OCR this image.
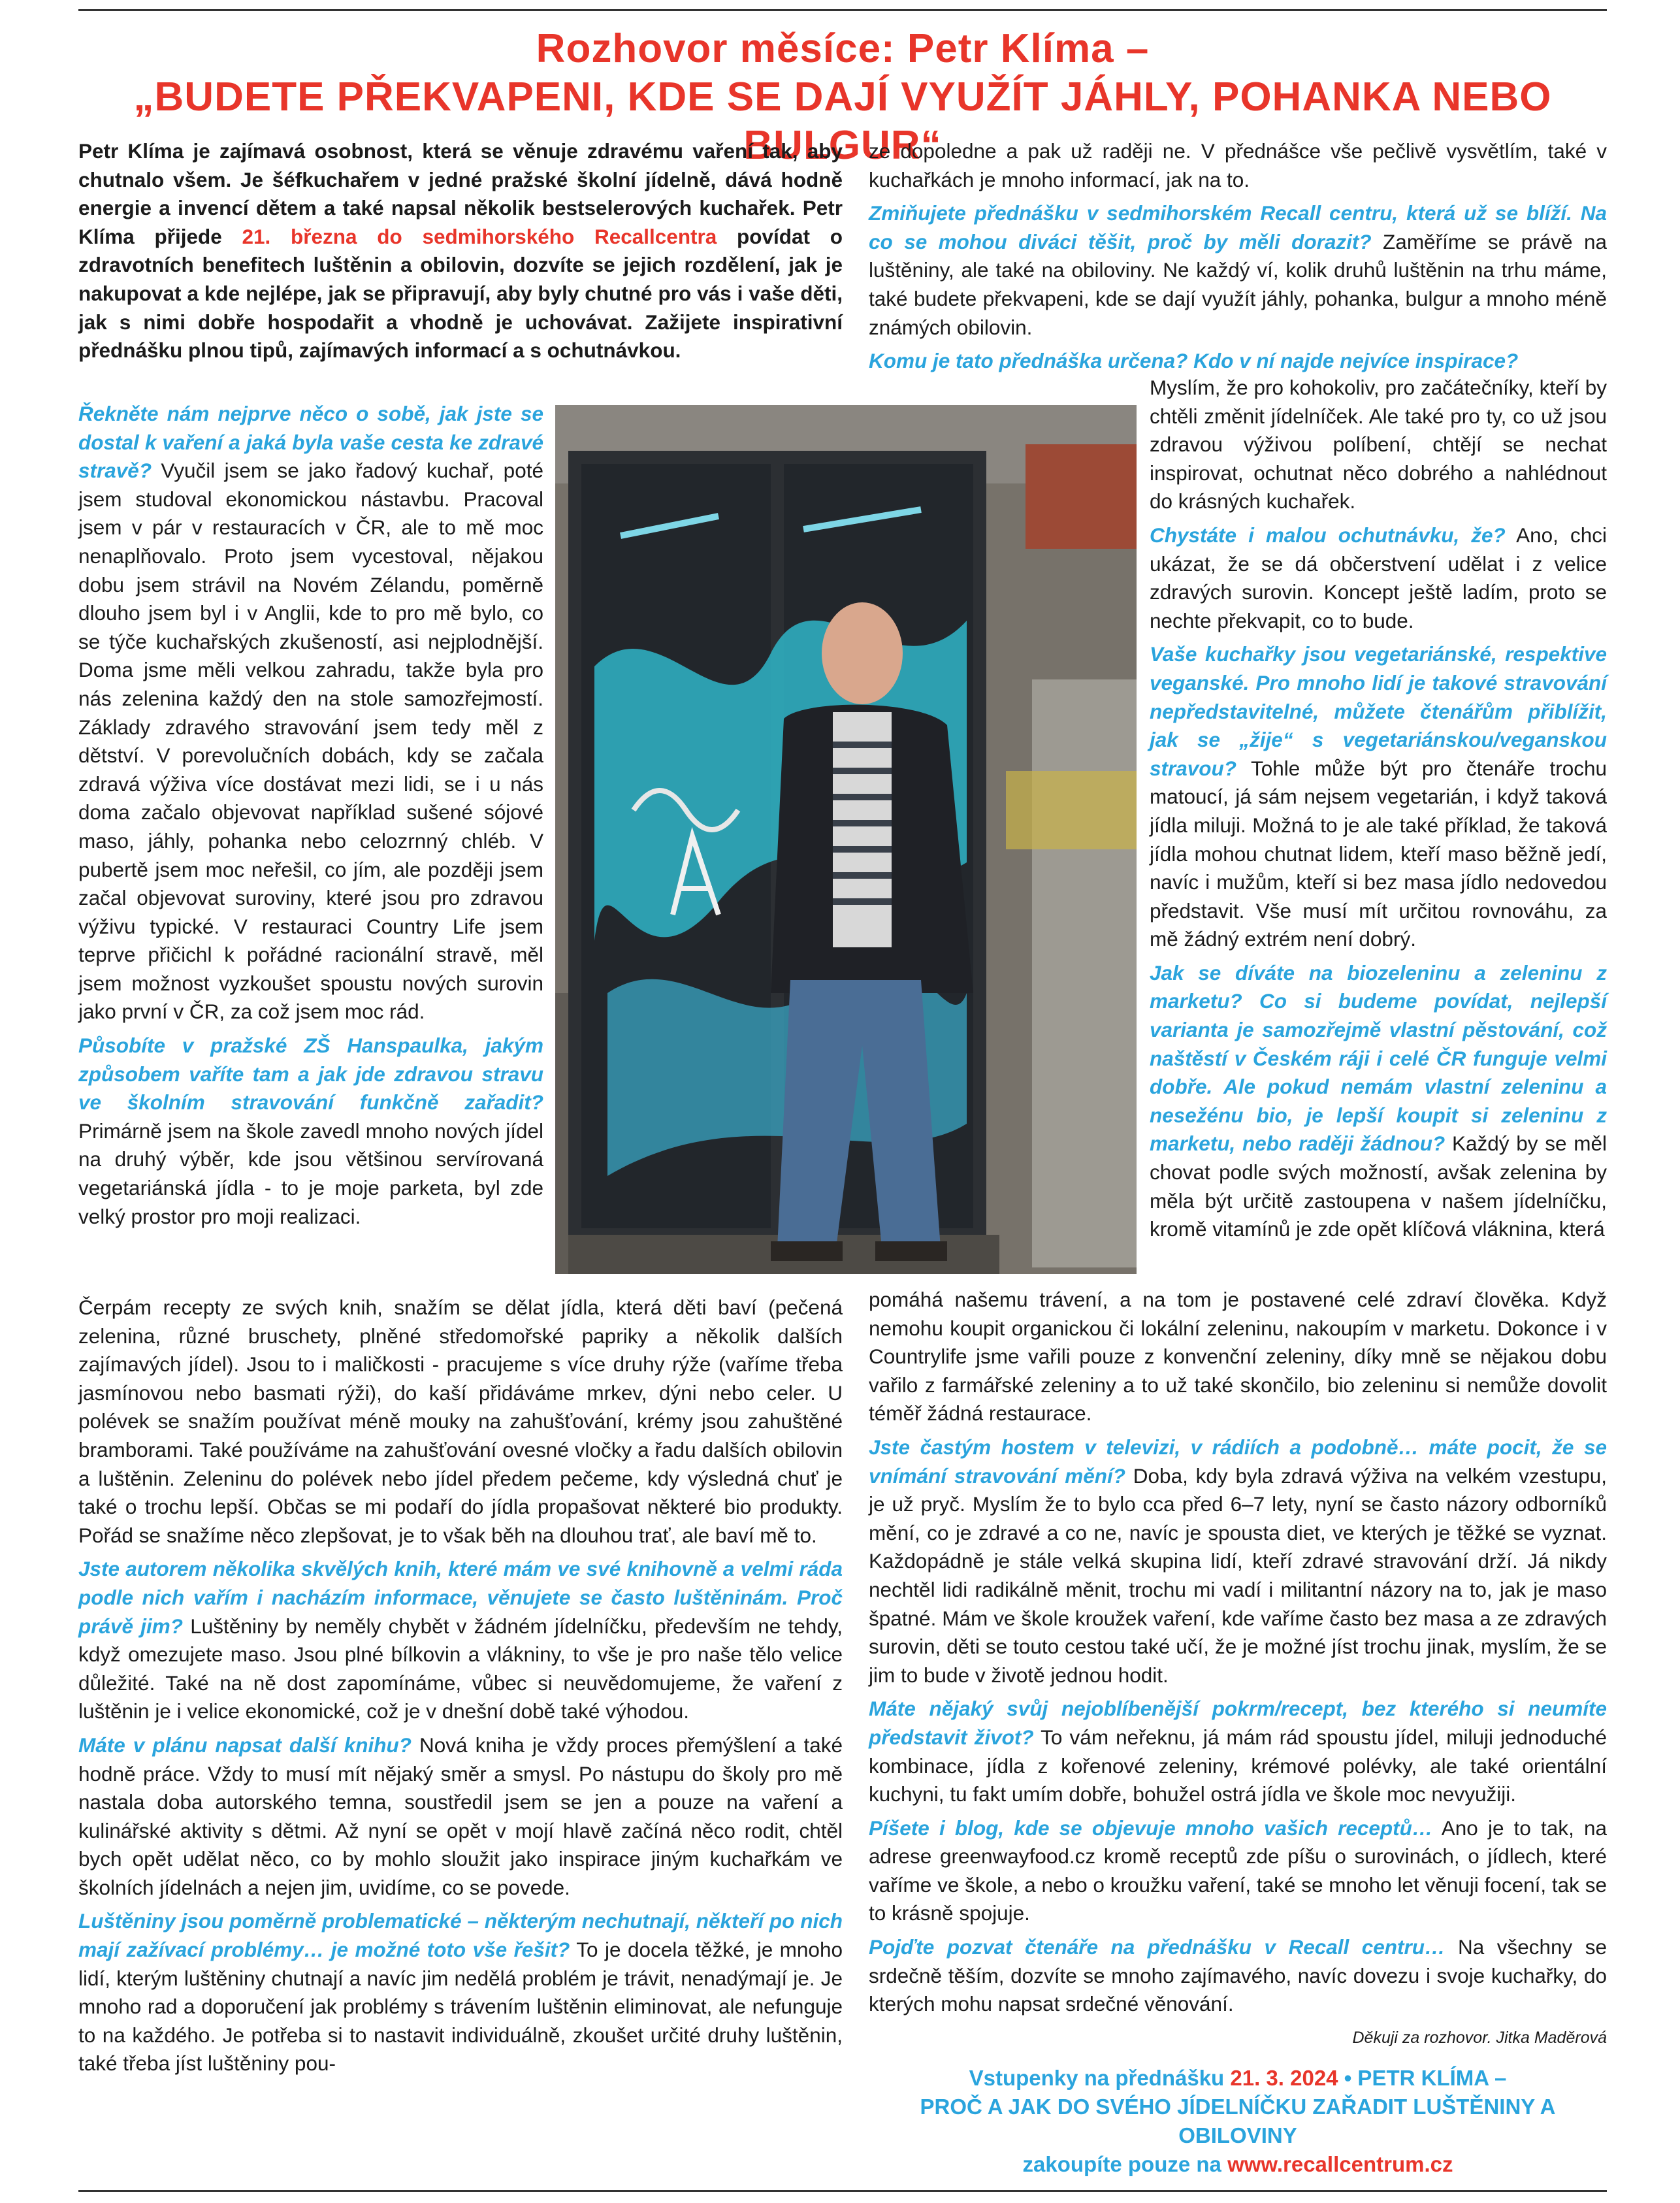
Rozhovor měsíce: Petr Klíma –
„BUDETE PŘEKVAPENI, KDE SE DAJÍ VYUŽÍT JÁHLY, POHANKA NEBO BULGUR“

Petr Klíma je zajímavá osobnost, která se věnuje zdravému vaření tak, aby chutnalo všem. Je šéfkuchařem v jedné pražské školní jídelně, dává hodně energie a invencí dětem a také napsal několik bestselerových kuchařek. Petr Klíma přijede 21. března do sedmihorského Recallcentra povídat o zdravotních benefitech luštěnin a obilovin, dozvíte se jejich rozdělení, jak je nakupovat a kde nejlépe, jak se připravují, aby byly chutné pro vás i vaše děti, jak s nimi dobře hospodařit a vhodně je uchovávat. Zažijete inspirativní přednášku plnou tipů, zajímavých informací a s ochutnávkou.

Řekněte nám nejprve něco o sobě, jak jste se dostal k vaření a jaká byla vaše cesta ke zdravé stravě? Vyučil jsem se jako řadový kuchař, poté jsem studoval ekonomickou nástavbu. Pracoval jsem v pár v restauracích v ČR, ale to mě moc nenaplňovalo. Proto jsem vycestoval, nějakou dobu jsem strávil na Novém Zélandu, poměrně dlouho jsem byl i v Anglii, kde to pro mě bylo, co se týče kuchařských zkušeností, asi nejplodnější. Doma jsme měli velkou zahradu, takže byla pro nás zelenina každý den na stole samozřejmostí. Základy zdravého stravování jsem tedy měl z dětství. V porevolučních dobách, kdy se začala zdravá výživa více dostávat mezi lidi, se i u nás doma začalo objevovat například sušené sójové maso, jáhly, pohanka nebo celozrnný chléb. V pubertě jsem moc neřešil, co jím, ale později jsem začal objevovat suroviny, které jsou pro zdravou výživu typické. V restauraci Country Life jsem teprve přičichl k pořádné racionální stravě, měl jsem možnost vyzkoušet spoustu nových surovin jako první v ČR, za což jsem moc rád.

Působíte v pražské ZŠ Hanspaulka, jakým způsobem vaříte tam a jak jde zdravou stravu ve školním stravování funkčně zařadit? Primárně jsem na škole zavedl mnoho nových jídel na druhý výběr, kde jsou většinou servírovaná vegetariánská jídla - to je moje parketa, byl zde velký prostor pro moji realizaci.

Čerpám recepty ze svých knih, snažím se dělat jídla, která děti baví (pečená zelenina, různé bruschety, plněné středomořské papriky a několik dalších zajímavých jídel). Jsou to i maličkosti - pracujeme s více druhy rýže (vaříme třeba jasmínovou nebo basmati rýži), do kaší přidáváme mrkev, dýni nebo celer. U polévek se snažím používat méně mouky na zahušťování, krémy jsou zahuštěné bramborami. Také používáme na zahušťování ovesné vločky a řadu dalších obilovin a luštěnin. Zeleninu do polévek nebo jídel předem pečeme, kdy výsledná chuť je také o trochu lepší. Občas se mi podaří do jídla propašovat některé bio produkty. Pořád se snažíme něco zlepšovat, je to však běh na dlouhou trať, ale baví mě to.

Jste autorem několika skvělých knih, které mám ve své knihovně a velmi ráda podle nich vařím i nacházím informace, věnujete se často luštěninám. Proč právě jim? Luštěniny by neměly chybět v žádném jídelníčku, především ne tehdy, když omezujete maso. Jsou plné bílkovin a vlákniny, to vše je pro naše tělo velice důležité. Také na ně dost zapomínáme, vůbec si neuvědomujeme, že vaření z luštěnin je i velice ekonomické, což je v dnešní době také výhodou.

Máte v plánu napsat další knihu? Nová kniha je vždy proces přemýšlení a také hodně práce. Vždy to musí mít nějaký směr a smysl. Po nástupu do školy pro mě nastala doba autorského temna, soustředil jsem se jen a pouze na vaření a kulinářské aktivity s dětmi. Až nyní se opět v mojí hlavě začíná něco rodit, chtěl bych opět udělat něco, co by mohlo sloužit jako inspirace jiným kuchařkám ve školních jídelnách a nejen jim, uvidíme, co se povede.

Luštěniny jsou poměrně problematické – některým nechutnají, někteří po nich mají zažívací problémy… je možné toto vše řešit? To je docela těžké, je mnoho lidí, kterým luštěniny chutnají a navíc jim nedělá problém je trávit, nenadýmají je. Je mnoho rad a doporučení jak problémy s trávením luštěnin eliminovat, ale nefunguje to na každého. Je potřeba si to nastavit individuálně, zkoušet určité druhy luštěnin, také třeba jíst luštěniny pou-

ze dopoledne a pak už raději ne. V přednášce vše pečlivě vysvětlím, také v kuchařkách je mnoho informací, jak na to.

Zmiňujete přednášku v sedmihorském Recall centru, která už se blíží. Na co se mohou diváci těšit, proč by měli dorazit? Zaměříme se právě na luštěniny, ale také na obiloviny. Ne každý ví, kolik druhů luštěnin na trhu máme, také budete překvapeni, kde se dají využít jáhly, pohanka, bulgur a mnoho méně známých obilovin.

Komu je tato přednáška určena? Kdo v ní najde nejvíce inspirace?

Myslím, že pro kohokoliv, pro začátečníky, kteří by chtěli změnit jídelníček. Ale také pro ty, co už jsou zdravou výživou políbení, chtějí se nechat inspirovat, ochutnat něco dobrého a nahlédnout do krásných kuchařek.

Chystáte i malou ochutnávku, že? Ano, chci ukázat, že se dá občerstvení udělat i z velice zdravých surovin. Koncept ještě ladím, proto se nechte překvapit, co to bude.

Vaše kuchařky jsou vegetariánské, respektive veganské. Pro mnoho lidí je takové stravování nepředstavitelné, můžete čtenářům přiblížit, jak se „žije“ s vegetariánskou/veganskou stravou? Tohle může být pro čtenáře trochu matoucí, já sám nejsem vegetarián, i když taková jídla miluji. Možná to je ale také příklad, že taková jídla mohou chutnat lidem, kteří maso běžně jedí, navíc i mužům, kteří si bez masa jídlo nedovedou představit. Vše musí mít určitou rovnováhu, za mě žádný extrém není dobrý.

Jak se díváte na biozeleninu a zeleninu z marketu? Co si budeme povídat, nejlepší varianta je samozřejmě vlastní pěstování, což naštěstí v Českém ráji i celé ČR funguje velmi dobře. Ale pokud nemám vlastní zeleninu a nesežénu bio, je lepší koupit si zeleninu z marketu, nebo raději žádnou? Každý by se měl chovat podle svých možností, avšak zelenina by měla být určitě zastoupena v našem jídelníčku, kromě vitamínů je zde opět klíčová vláknina, která

pomáhá našemu trávení, a na tom je postavené celé zdraví člověka. Když nemohu koupit organickou či lokální zeleninu, nakoupím v marketu. Dokonce i v Countrylife jsme vařili pouze z konvenční zeleniny, díky mně se nějakou dobu vařilo z farmářské zeleniny a to už také skončilo, bio zeleninu si nemůže dovolit téměř žádná restaurace.

Jste častým hostem v televizi, v rádiích a podobně… máte pocit, že se vnímání stravování mění? Doba, kdy byla zdravá výživa na velkém vzestupu, je už pryč. Myslím že to bylo cca před 6–7 lety, nyní se často názory odborníků mění, co je zdravé a co ne, navíc je spousta diet, ve kterých je těžké se vyznat. Každopádně je stále velká skupina lidí, kteří zdravé stravování drží. Já nikdy nechtěl lidi radikálně měnit, trochu mi vadí i militantní názory na to, jak je maso špatné. Mám ve škole kroužek vaření, kde vaříme často bez masa a ze zdravých surovin, děti se touto cestou také učí, že je možné jíst trochu jinak, myslím, že se jim to bude v životě jednou hodit.

Máte nějaký svůj nejoblíbenější pokrm/recept, bez kterého si neumíte představit život? To vám neřeknu, já mám rád spoustu jídel, miluji jednoduché kombinace, jídla z kořenové zeleniny, krémové polévky, ale také orientální kuchyni, tu fakt umím dobře, bohužel ostrá jídla ve škole moc nevyužiji.

Píšete i blog, kde se objevuje mnoho vašich receptů… Ano je to tak, na adrese greenwayfood.cz kromě receptů zde píšu o surovinách, o jídlech, které vaříme ve škole, a nebo o kroužku vaření, také se mnoho let věnuji focení, tak se to krásně spojuje.

Pojďte pozvat čtenáře na přednášku v Recall centru… Na všechny se srdečně těším, dozvíte se mnoho zajímavého, navíc dovezu i svoje kuchařky, do kterých mohu napsat srdečné věnování.

Děkuji za rozhovor. Jitka Maděrová
Vstupenky na přednášku 21. 3. 2024 • PETR KLÍMA –
PROČ A JAK DO SVÉHO JÍDELNÍČKU ZAŘADIT LUŠTĚNINY A OBILOVINY
zakoupíte pouze na www.recallcentrum.cz
